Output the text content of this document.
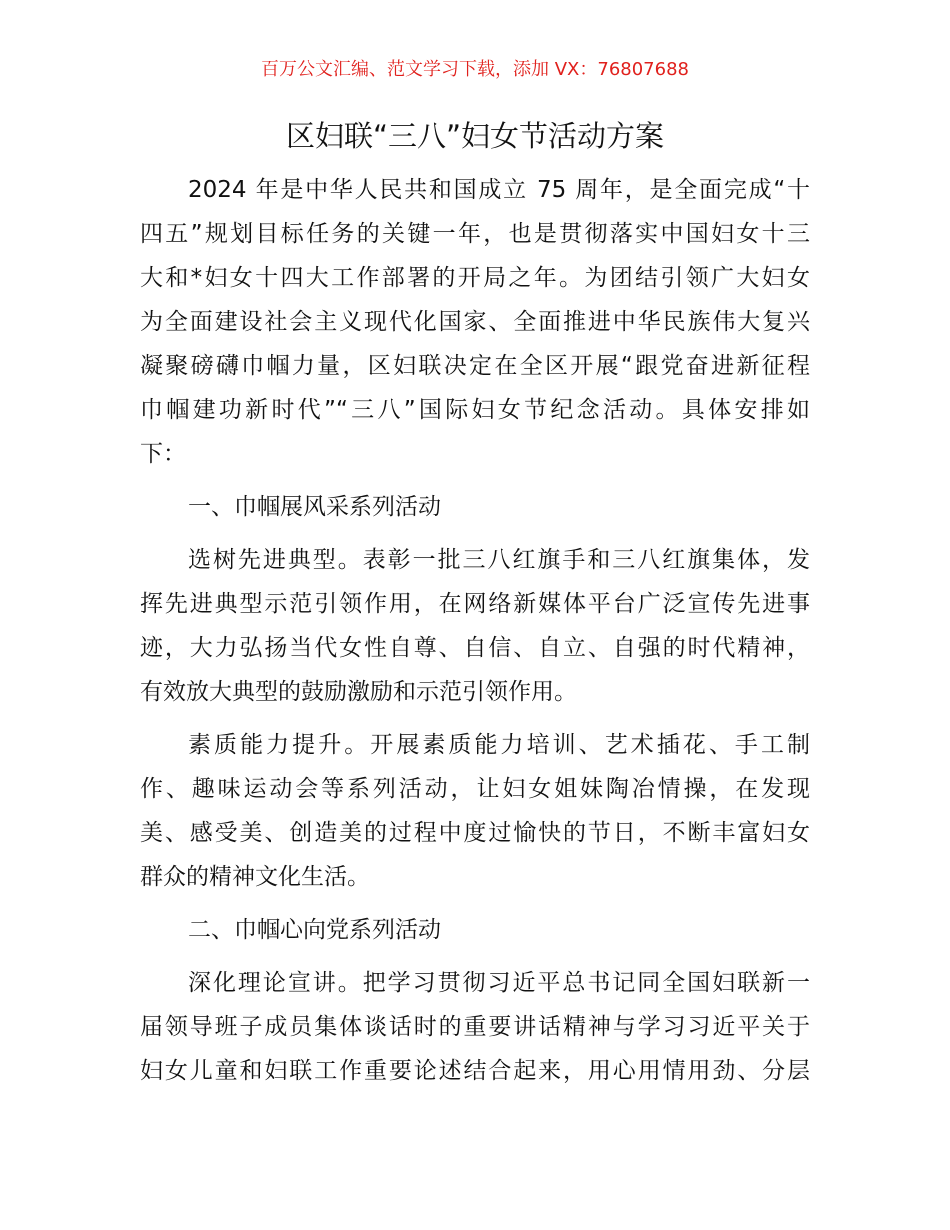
百万公文汇编、范文学习下载，添加 VX：76807688
区妇联“三八”妇女节活动方案
2024 年是中华人民共和国成立 75 周年，是全面完成“十
四五”规划目标任务的关键一年，也是贯彻落实中国妇女十三
大和*妇女十四大工作部署的开局之年。为团结引领广大妇女
为全面建设社会主义现代化国家、全面推进中华民族伟大复兴
凝聚磅礴巾帼力量，区妇联决定在全区开展“跟党奋进新征程
巾帼建功新时代”“三八”国际妇女节纪念活动。具体安排如
下：
一、巾帼展风采系列活动
选树先进典型。表彰一批三八红旗手和三八红旗集体，发
挥先进典型示范引领作用，在网络新媒体平台广泛宣传先进事
迹，大力弘扬当代女性自尊、自信、自立、自强的时代精神，
有效放大典型的鼓励激励和示范引领作用。
素质能力提升。开展素质能力培训、艺术插花、手工制
作、趣味运动会等系列活动，让妇女姐妹陶冶情操，在发现
美、感受美、创造美的过程中度过愉快的节日，不断丰富妇女
群众的精神文化生活。
二、巾帼心向党系列活动
深化理论宣讲。把学习贯彻习近平总书记同全国妇联新一
届领导班子成员集体谈话时的重要讲话精神与学习习近平关于
妇女儿童和妇联工作重要论述结合起来，用心用情用劲、分层
